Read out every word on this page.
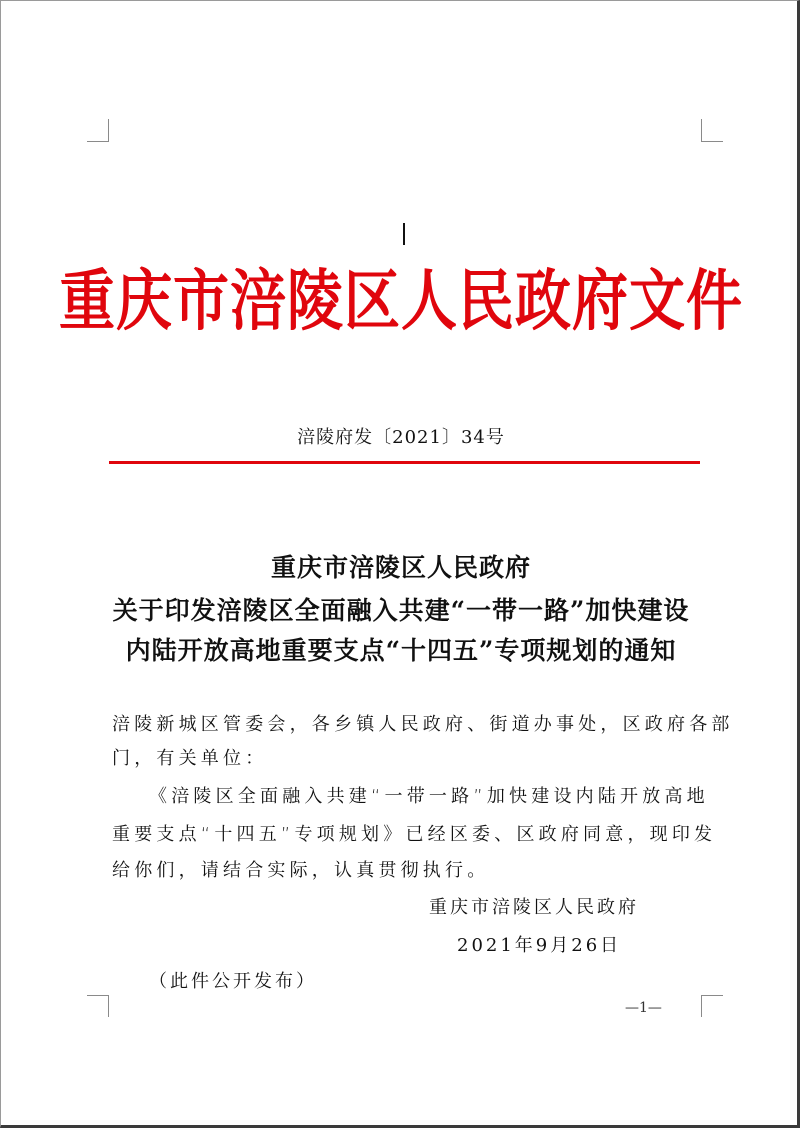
重庆市涪陵区人民政府文件
涪陵府发〔2021〕34号
重庆市涪陵区人民政府
关于印发涪陵区全面融入共建“一带一路”加快建设
内陆开放高地重要支点“十四五”专项规划的通知
涪陵新城区管委会，各乡镇人民政府、街道办事处，区政府各部
门，有关单位：
《涪陵区全面融入共建“一带一路”加快建设内陆开放高地
重要支点“十四五”专项规划》已经区委、区政府同意，现印发
给你们，请结合实际，认真贯彻执行。
重庆市涪陵区人民政府
2021年9月26日
（此件公开发布）
—1—
